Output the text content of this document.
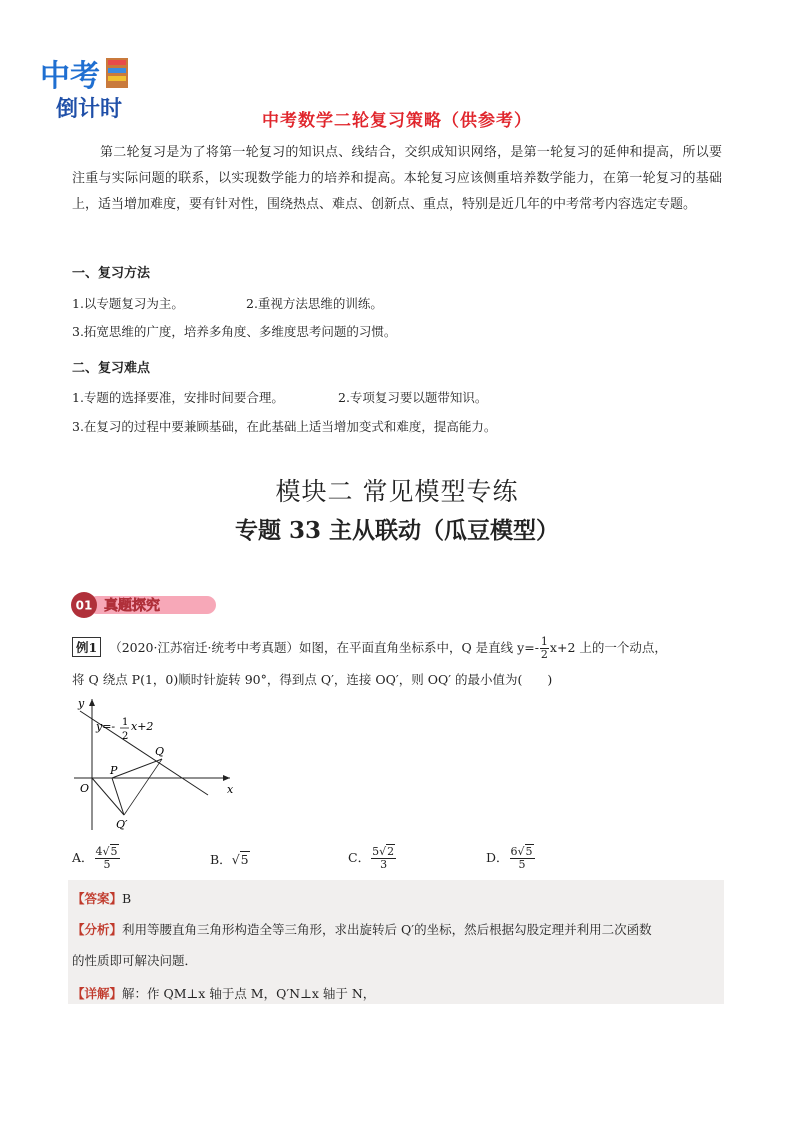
中考
倒计时	中考数学二轮复习策略（供参考）
第二轮复习是为了将第一轮复习的知识点、线结合，交织成知识网络，是第一轮复习的延伸和提高，所以要注重与实际问题的联系，以实现数学能力的培养和提高。本轮复习应该侧重培养数学能力，在第一轮复习的基础上，适当增加难度，要有针对性，围绕热点、难点、创新点、重点，特别是近几年的中考常考内容选定专题。
一、复习方法
1.以专题复习为主。	2.重视方法思维的训练。
3.拓宽思维的广度，培养多角度、多维度思考问题的习惯。
二、复习难点
1.专题的选择要准，安排时间要合理。	2.专项复习要以题带知识。
3.在复习的过程中要兼顾基础，在此基础上适当增加变式和难度，提高能力。
模块二 常见模型专练
专题 33 主从联动（瓜豆模型）
01 真题探究
例1 （2020·江苏宿迁·统考中考真题）如图，在平面直角坐标系中，Q 是直线 $y=- \frac{1}{2} x+2$ 上的一个动点，
将 Q 绕点 P(1，0)顺时针旋转 90°，得到点 Q′，连接 OQ′，则 OQ′ 的最小值为(　　)
y
x
O
P
Q
Q′
y=- 1
2
x+2
A． $\frac{4√5}{5}$	B．√5	C． $\frac{5√2}{3}$	D． $\frac{6√5}{5}$
【答案】B
【分析】利用等腰直角三角形构造全等三角形，求出旋转后 Q′的坐标，然后根据勾股定理并利用二次函数
的性质即可解决问题．
【详解】解：作 QM⊥x 轴于点 M，Q′N⊥x 轴于 N，
